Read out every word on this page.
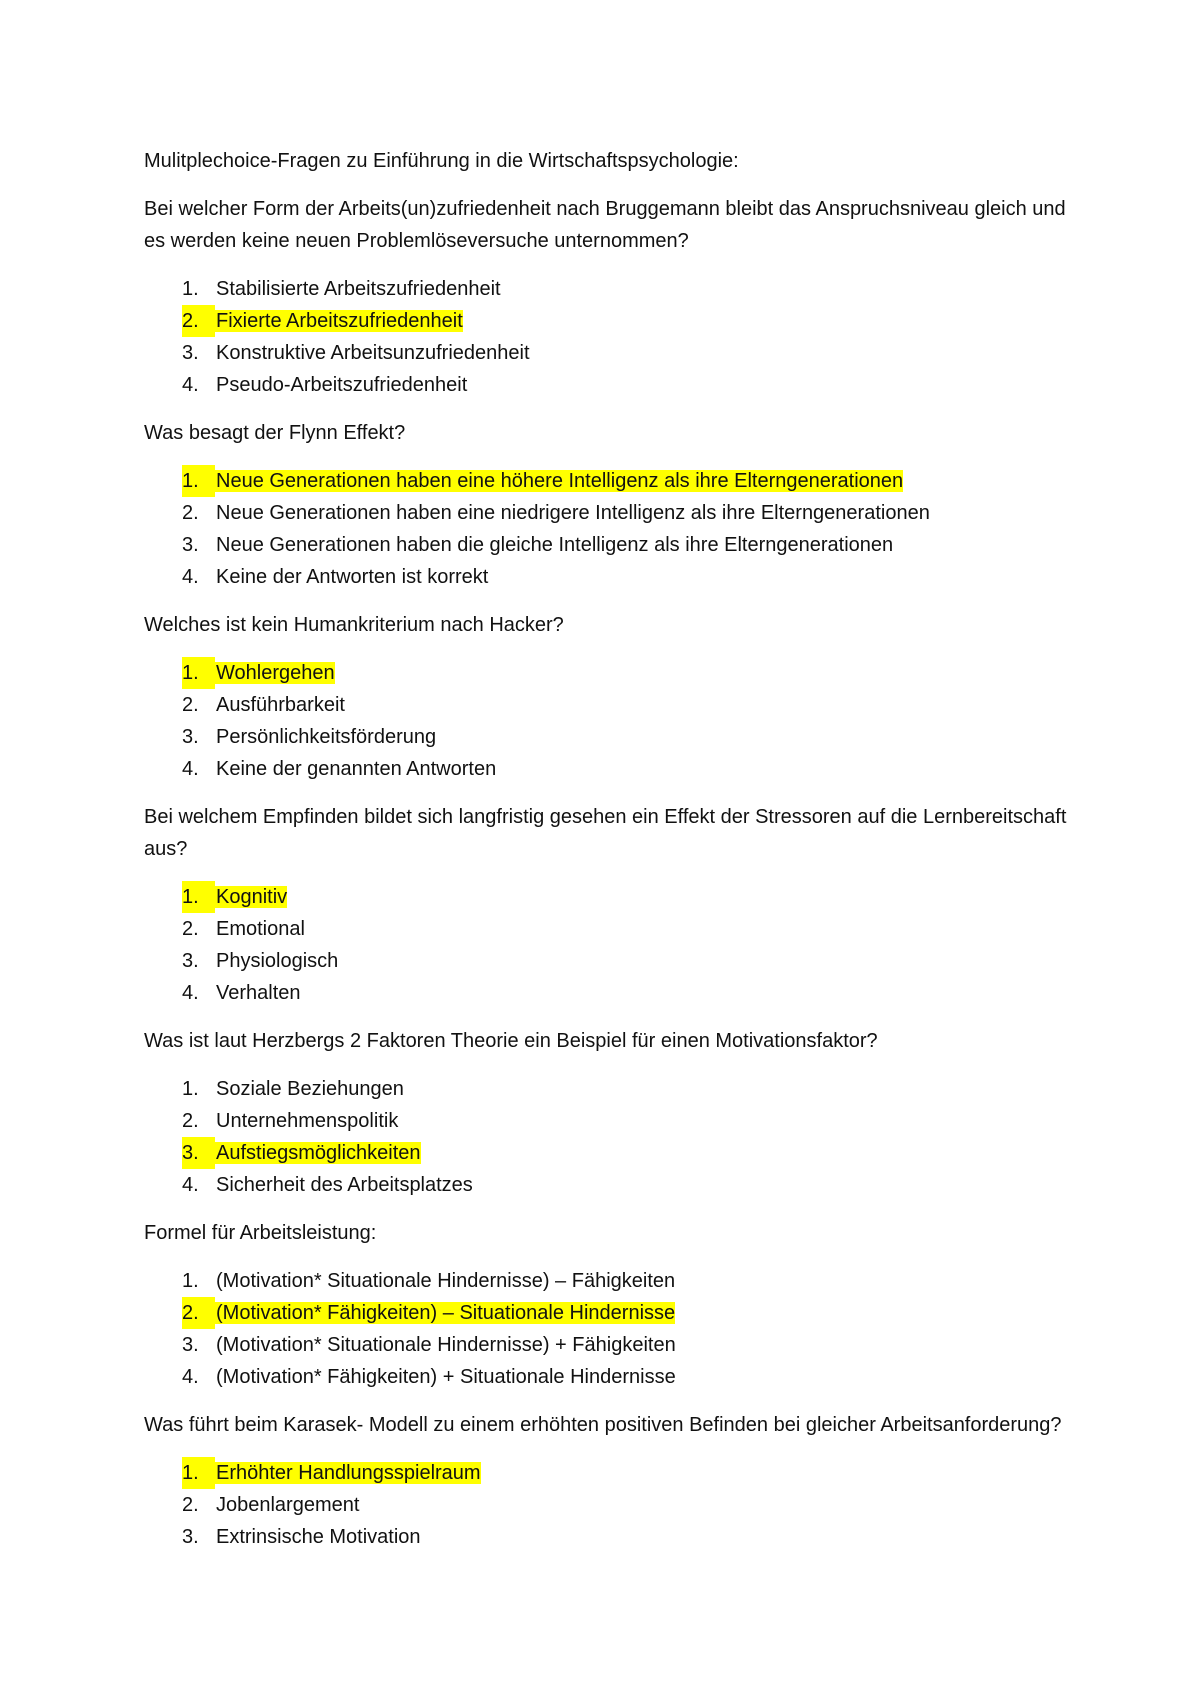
Mulitplechoice-Fragen zu Einführung in die Wirtschaftspsychologie:

Bei welcher Form der Arbeits(un)zufriedenheit nach Bruggemann bleibt das Anspruchsniveau gleich und es werden keine neuen Problemlöseversuche unternommen?

1. Stabilisierte Arbeitszufriedenheit
2. Fixierte Arbeitszufriedenheit
3. Konstruktive Arbeitsunzufriedenheit
4. Pseudo-Arbeitszufriedenheit

Was besagt der Flynn Effekt?

1. Neue Generationen haben eine höhere Intelligenz als ihre Elterngenerationen
2. Neue Generationen haben eine niedrigere Intelligenz als ihre Elterngenerationen
3. Neue Generationen haben die gleiche Intelligenz als ihre Elterngenerationen
4. Keine der Antworten ist korrekt

Welches ist kein Humankriterium nach Hacker?

1. Wohlergehen
2. Ausführbarkeit
3. Persönlichkeitsförderung
4. Keine der genannten Antworten

Bei welchem Empfinden bildet sich langfristig gesehen ein Effekt der Stressoren auf die Lernbereitschaft aus?

1. Kognitiv
2. Emotional
3. Physiologisch
4. Verhalten

Was ist laut Herzbergs 2 Faktoren Theorie ein Beispiel für einen Motivationsfaktor?

1. Soziale Beziehungen
2. Unternehmenspolitik
3. Aufstiegsmöglichkeiten
4. Sicherheit des Arbeitsplatzes

Formel für Arbeitsleistung:

1. (Motivation* Situationale Hindernisse) – Fähigkeiten
2. (Motivation* Fähigkeiten) – Situationale Hindernisse
3. (Motivation* Situationale Hindernisse) + Fähigkeiten
4. (Motivation* Fähigkeiten) + Situationale Hindernisse

Was führt beim Karasek- Modell zu einem erhöhten positiven Befinden bei gleicher Arbeitsanforderung?

1. Erhöhter Handlungsspielraum
2. Jobenlargement
3. Extrinsische Motivation
